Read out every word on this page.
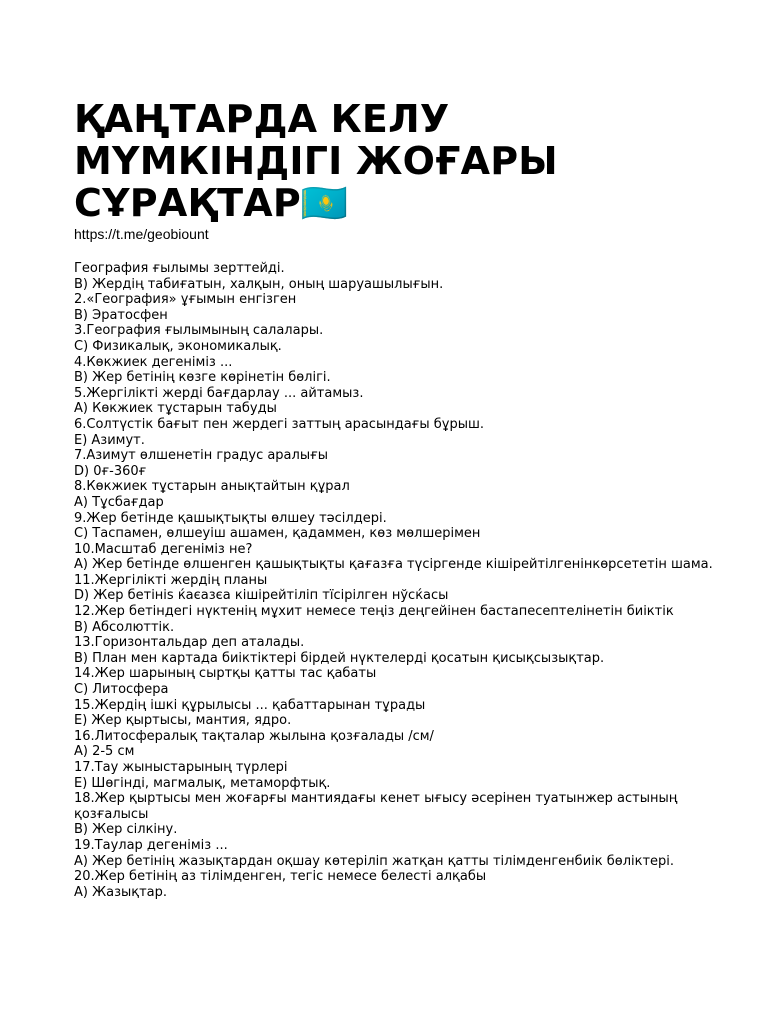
ҚАҢТАРДА КЕЛУ
МҮМКІНДІГІ ЖОҒАРЫ
СҰРАҚТАР🇰🇿
https://t.me/geobiount
География ғылымы зерттейді.
В) Жердің табиғатын, халқын, оның шаруашылығын.
2.«География» ұғымын енгізген
В) Эратосфен
3.География ғылымының салалары.
С) Физикалық, экономикалық.
4.Көкжиек дегеніміз ...
В) Жер бетінің көзге көрінетін бөлігі.
5.Жергілікті жерді бағдарлау ... айтамыз.
А) Көкжиек тұстарын табуды
6.Солтүстік бағыт пен жердегі заттың арасындағы бұрыш.
Е) Азимут.
7.Азимут өлшенетін градус аралығы
D) 0ғ-360ғ
8.Көкжиек тұстарын анықтайтын құрал
А) Тұсбағдар
9.Жер бетінде қашықтықты өлшеу тәсілдері.
С) Таспамен, өлшеуіш ашамен, қадаммен, көз мөлшерімен
10.Масштаб дегеніміз не?
А) Жер бетінде өлшенген қашықтықты қағазға түсіргенде кішірейтілгенінкөрсететін шама.
11.Жергілікті жердің планы
D) Жер бетініѕ ќаєазєа кішірейтіліп тїсірілген нўсќасы
12.Жер бетіндегі нүктенің мұхит немесе теңіз деңгейінен бастапесептелінетін биіктік
В) Абсолюттік.
13.Горизонтальдар деп аталады.
В) План мен картада биіктіктері бірдей нүктелерді қосатын қисықсызықтар.
14.Жер шарының сыртқы қатты тас қабаты
С) Литосфера
15.Жердің ішкі құрылысы ... қабаттарынан тұрады
Е) Жер қыртысы, мантия, ядро.
16.Литосфералық тақталар жылына қозғалады /см/
А) 2-5 см
17.Тау жыныстарының түрлері
Е) Шөгінді, магмалық, метаморфтық.
18.Жер қыртысы мен жоғарғы мантиядағы кенет ығысу әсерінен туатынжер астының қозғалысы
В) Жер сілкіну.
19.Таулар дегеніміз ...
А) Жер бетінің жазықтардан оқшау көтеріліп жатқан қатты тілімденгенбиік бөліктері.
20.Жер бетінің аз тілімденген, тегіс немесе белесті алқабы
А) Жазықтар.
